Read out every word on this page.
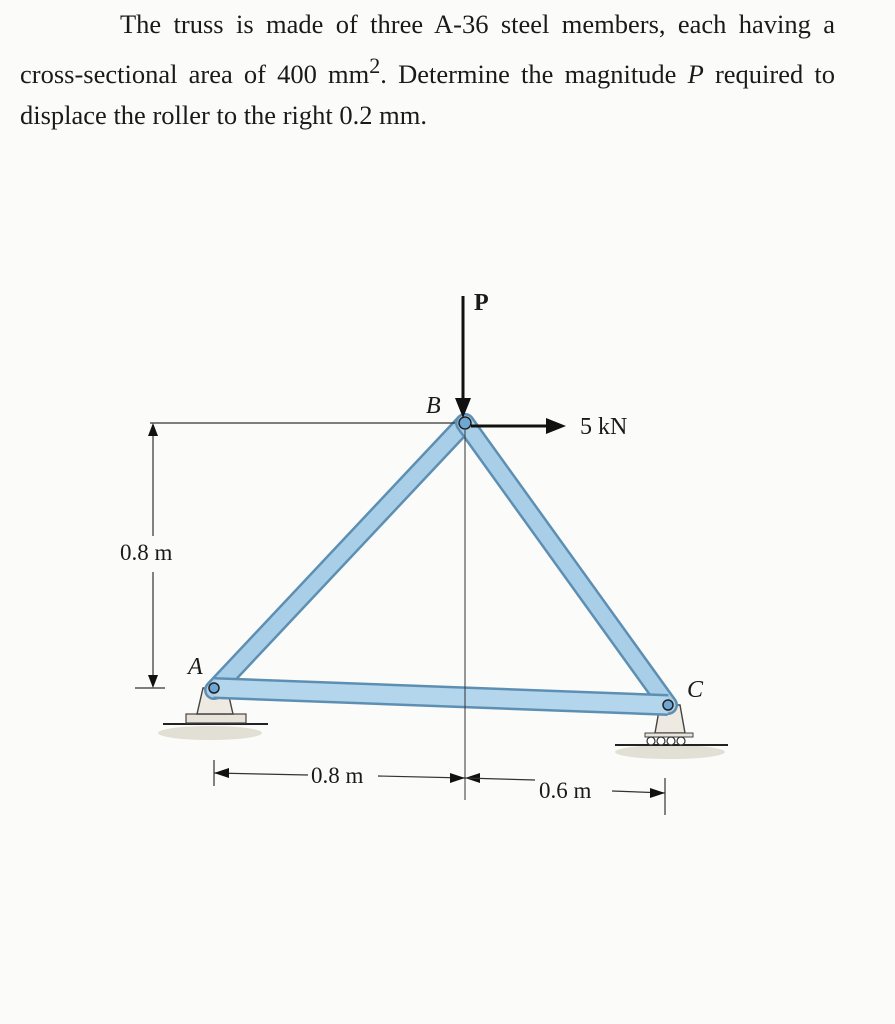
The truss is made of three A-36 steel members, each having a cross-sectional area of 400 $mm^2$. Determine the magnitude P required to displace the roller to the right 0.2 mm.

P
B
5 kN
A
C
0.8 m
0.8 m
0.6 m
